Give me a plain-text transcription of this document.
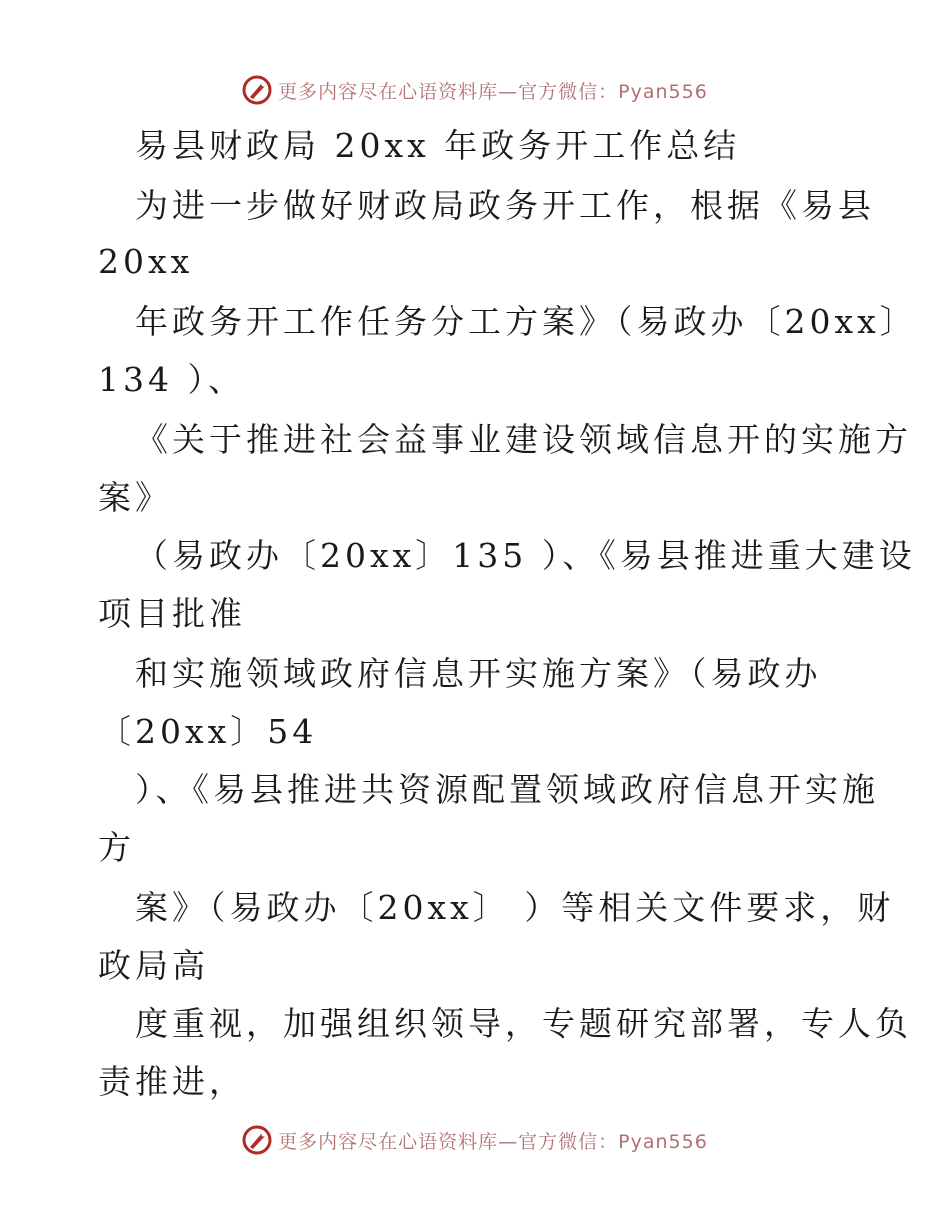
更多内容尽在心语资料库—官方微信：Pyan556
易县财政局 20xx 年政务开工作总结
为进一步做好财政局政务开工作，根据《易县
20xx
年政务开工作任务分工方案》（易政办〔20xx〕
134 ）、
《关于推进社会益事业建设领域信息开的实施方
案》
（易政办〔20xx〕135 ）、《易县推进重大建设
项目批准
和实施领域政府信息开实施方案》（易政办
〔20xx〕54
）、《易县推进共资源配置领域政府信息开实施
方
案》（易政办〔20xx〕 ）等相关文件要求，财
政局高
度重视，加强组织领导，专题研究部署，专人负
责推进，
更多内容尽在心语资料库—官方微信：Pyan556
